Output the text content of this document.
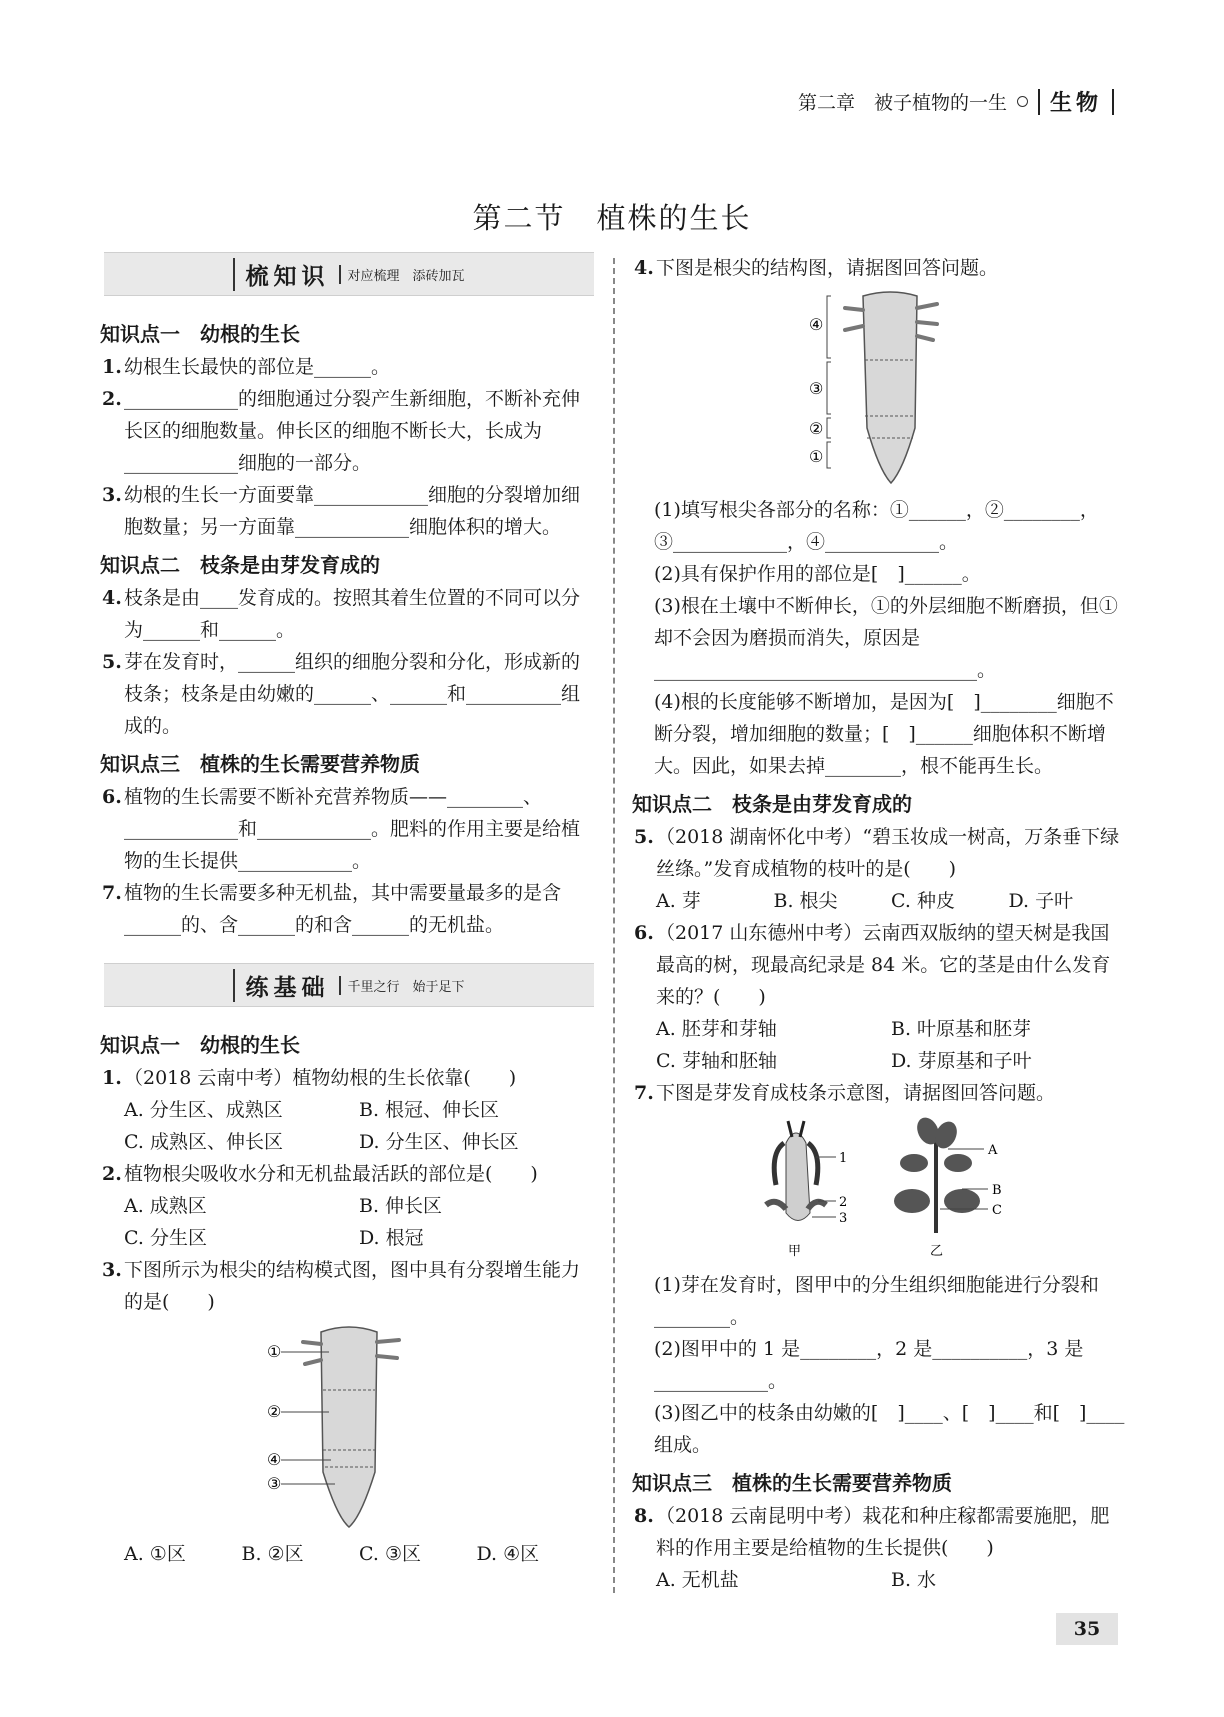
第二章　被子植物的一生 生物
第二节　植株的生长
梳知识	对应梳理　添砖加瓦
知识点一　幼根的生长
1. 幼根生长最快的部位是______。
2. ____________的细胞通过分裂产生新细胞，不断补充伸长区的细胞数量。伸长区的细胞不断长大，长成为____________细胞的一部分。
3. 幼根的生长一方面要靠____________细胞的分裂增加细胞数量；另一方面靠____________细胞体积的增大。
知识点二　枝条是由芽发育成的
4. 枝条是由____发育成的。按照其着生位置的不同可以分为______和______。
5. 芽在发育时，______组织的细胞分裂和分化，形成新的枝条；枝条是由幼嫩的______、______和__________组成的。
知识点三　植株的生长需要营养物质
6. 植物的生长需要不断补充营养物质——________、____________和____________。肥料的作用主要是给植物的生长提供____________。
7. 植物的生长需要多种无机盐，其中需要量最多的是含______的、含______的和含______的无机盐。
练基础	千里之行　始于足下
知识点一　幼根的生长
1. （2018 云南中考）植物幼根的生长依靠(　　)
A. 分生区、成熟区	B. 根冠、伸长区
C. 成熟区、伸长区	D. 分生区、伸长区
2. 植物根尖吸收水分和无机盐最活跃的部位是(　　)
A. 成熟区	B. 伸长区
C. 分生区	D. 根冠
3. 下图所示为根尖的结构模式图，图中具有分裂增生能力的是(　　)
①
②
④
③
A. ①区	B. ②区	C. ③区	D. ④区
4. 下图是根尖的结构图，请据图回答问题。
④
③
②
①
(1)填写根尖各部分的名称：①______，②________，③____________，④____________。
(2)具有保护作用的部位是[　]______。
(3)根在土壤中不断伸长，①的外层细胞不断磨损，但①却不会因为磨损而消失，原因是__________________________________。
(4)根的长度能够不断增加，是因为[　]________细胞不断分裂，增加细胞的数量；[　]______细胞体积不断增大。因此，如果去掉________，根不能再生长。
知识点二　枝条是由芽发育成的
5. （2018 湖南怀化中考）“碧玉妆成一树高，万条垂下绿丝绦。”发育成植物的枝叶的是(　　)
A. 芽	B. 根尖	C. 种皮	D. 子叶
6. （2017 山东德州中考）云南西双版纳的望天树是我国最高的树，现最高纪录是 84 米。它的茎是由什么发育来的？(　　)
A. 胚芽和芽轴	B. 叶原基和胚芽
C. 芽轴和胚轴	D. 芽原基和子叶
7. 下图是芽发育成枝条示意图，请据图回答问题。
1
2
3
甲
A
B
C
乙
(1)芽在发育时，图甲中的分生组织细胞能进行分裂和________。
(2)图甲中的 1 是________，2 是__________，3 是____________。
(3)图乙中的枝条由幼嫩的[　]____、[　]____和[　]____组成。
知识点三　植株的生长需要营养物质
8. （2018 云南昆明中考）栽花和种庄稼都需要施肥，肥料的作用主要是给植物的生长提供(　　)
A. 无机盐	B. 水
35
